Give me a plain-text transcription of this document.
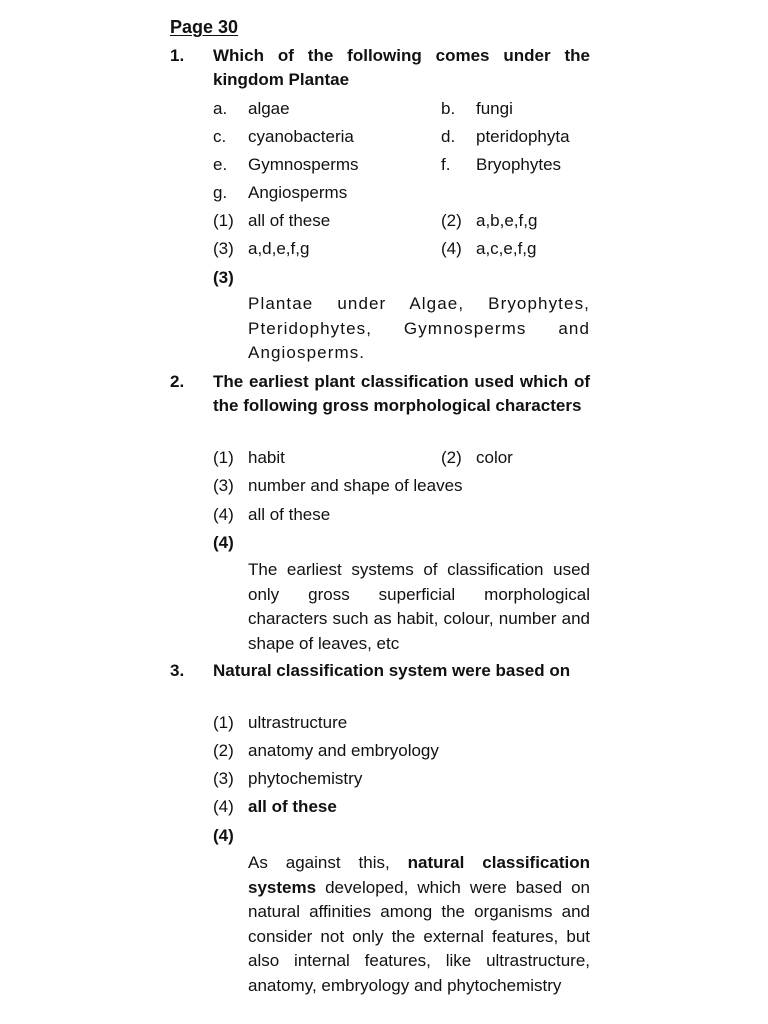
Page 30
1. Which of the following comes under the kingdom Plantae
a. algae	b. fungi
c. cyanobacteria	d. pteridophyta
e. Gymnosperms	f. Bryophytes
g. Angiosperms
(1) all of these	(2) a,b,e,f,g
(3) a,d,e,f,g	(4) a,c,e,f,g
(3)
Plantae under Algae, Bryophytes, Pteridophytes, Gymnosperms and Angiosperms.
2. The earliest plant classification used which of the following gross morphological characters
(1) habit	(2) color
(3) number and shape of leaves
(4) all of these
(4)
The earliest systems of classification used only gross superficial morphological characters such as habit, colour, number and shape of leaves, etc
3. Natural classification system were based on
(1) ultrastructure
(2) anatomy and embryology
(3) phytochemistry
(4) all of these
(4)
As against this, natural classification systems developed, which were based on natural affinities among the organisms and consider not only the external features, but also internal features, like ultrastructure, anatomy, embryology and phytochemistry
